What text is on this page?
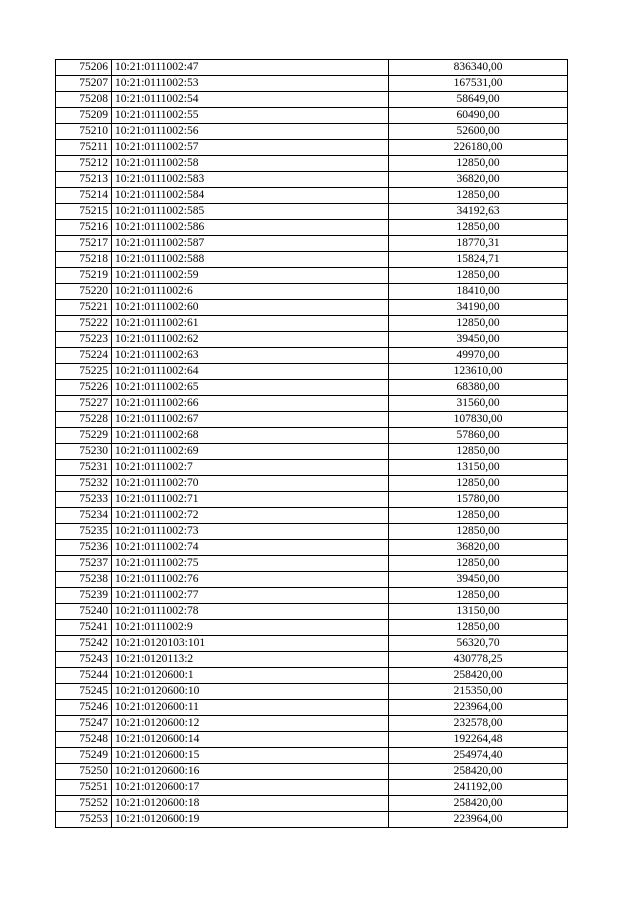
75206	10:21:0111002:47	836340,00
75207	10:21:0111002:53	167531,00
75208	10:21:0111002:54	58649,00
75209	10:21:0111002:55	60490,00
75210	10:21:0111002:56	52600,00
75211	10:21:0111002:57	226180,00
75212	10:21:0111002:58	12850,00
75213	10:21:0111002:583	36820,00
75214	10:21:0111002:584	12850,00
75215	10:21:0111002:585	34192,63
75216	10:21:0111002:586	12850,00
75217	10:21:0111002:587	18770,31
75218	10:21:0111002:588	15824,71
75219	10:21:0111002:59	12850,00
75220	10:21:0111002:6	18410,00
75221	10:21:0111002:60	34190,00
75222	10:21:0111002:61	12850,00
75223	10:21:0111002:62	39450,00
75224	10:21:0111002:63	49970,00
75225	10:21:0111002:64	123610,00
75226	10:21:0111002:65	68380,00
75227	10:21:0111002:66	31560,00
75228	10:21:0111002:67	107830,00
75229	10:21:0111002:68	57860,00
75230	10:21:0111002:69	12850,00
75231	10:21:0111002:7	13150,00
75232	10:21:0111002:70	12850,00
75233	10:21:0111002:71	15780,00
75234	10:21:0111002:72	12850,00
75235	10:21:0111002:73	12850,00
75236	10:21:0111002:74	36820,00
75237	10:21:0111002:75	12850,00
75238	10:21:0111002:76	39450,00
75239	10:21:0111002:77	12850,00
75240	10:21:0111002:78	13150,00
75241	10:21:0111002:9	12850,00
75242	10:21:0120103:101	56320,70
75243	10:21:0120113:2	430778,25
75244	10:21:0120600:1	258420,00
75245	10:21:0120600:10	215350,00
75246	10:21:0120600:11	223964,00
75247	10:21:0120600:12	232578,00
75248	10:21:0120600:14	192264,48
75249	10:21:0120600:15	254974,40
75250	10:21:0120600:16	258420,00
75251	10:21:0120600:17	241192,00
75252	10:21:0120600:18	258420,00
75253	10:21:0120600:19	223964,00
